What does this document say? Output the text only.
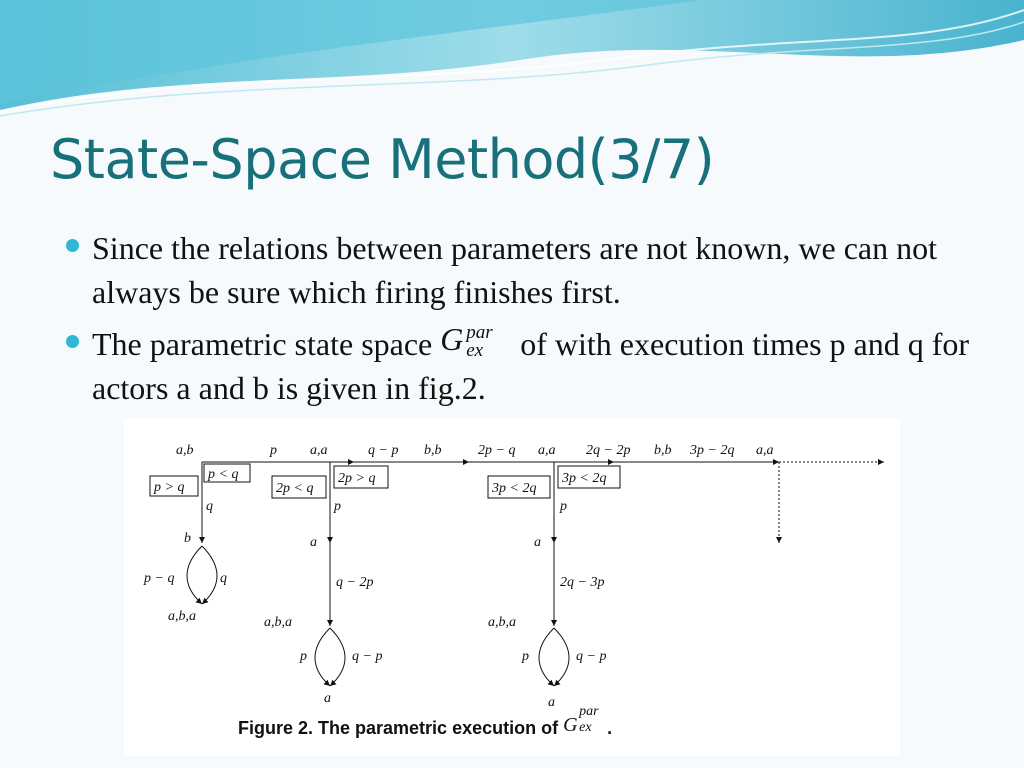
State-Space Method(3/7)
Since the relations between parameters are not known, we can not always be sure which firing finishes first.
The parametric state space G par
ex of with execution times p and q for actors a and b is given in fig.2.
a,b	p a,a	q − p b,b	2p − q a,a 2q − 2p b,b 3p − 2q a,a
p < q
p > q	2p < q
2p > q
3p < 2q
3p < 2q
q
b
p − q	q
a,b,a
p
a
q − 2p
a,b,a
p	q − p
a
p
a
2q − 3p
a,b,a
p	q − p
a
Figure 2. The parametric execution of G
par
ex .
